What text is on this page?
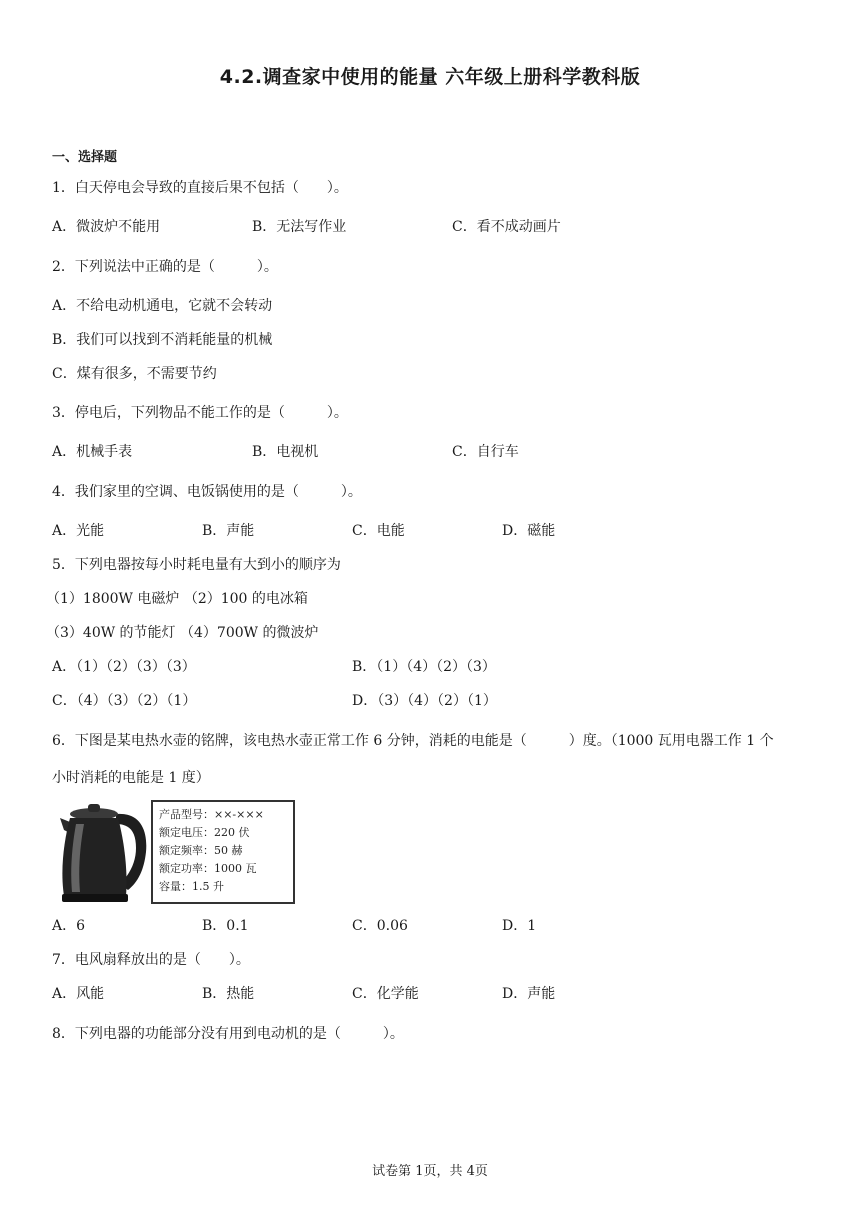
4.2.调查家中使用的能量 六年级上册科学教科版
一、选择题
1．白天停电会导致的直接后果不包括（　　）。
A．微波炉不能用	B．无法写作业	C．看不成动画片
2．下列说法中正确的是（　　　）。
A．不给电动机通电，它就不会转动
B．我们可以找到不消耗能量的机械
C．煤有很多，不需要节约
3．停电后，下列物品不能工作的是（　　　）。
A．机械手表	B．电视机	C．自行车
4．我们家里的空调、电饭锅使用的是（　　　）。
A．光能	B．声能	C．电能	D．磁能
5．下列电器按每小时耗电量有大到小的顺序为
（1）1800W 电磁炉 （2）100 的电冰箱
（3）40W 的节能灯 （4）700W 的微波炉
A．（1）（2）（3）（3）	B．（1）（4）（2）（3）
C．（4）（3）（2）（1）	D．（3）（4）（2）（1）
6．下图是某电热水壶的铭牌，该电热水壶正常工作 6 分钟，消耗的电能是（　　　）度。（1000 瓦用电器工作 1 个
小时消耗的电能是 1 度）
产品型号：××-×××
额定电压：220 伏
额定频率：50 赫
额定功率：1000 瓦
容量：1.5 升
A．6	B．0.1	C．0.06	D．1
7．电风扇释放出的是（　　）。
A．风能	B．热能	C．化学能	D．声能
8．下列电器的功能部分没有用到电动机的是（　　　）。
试卷第 1页，共 4页
